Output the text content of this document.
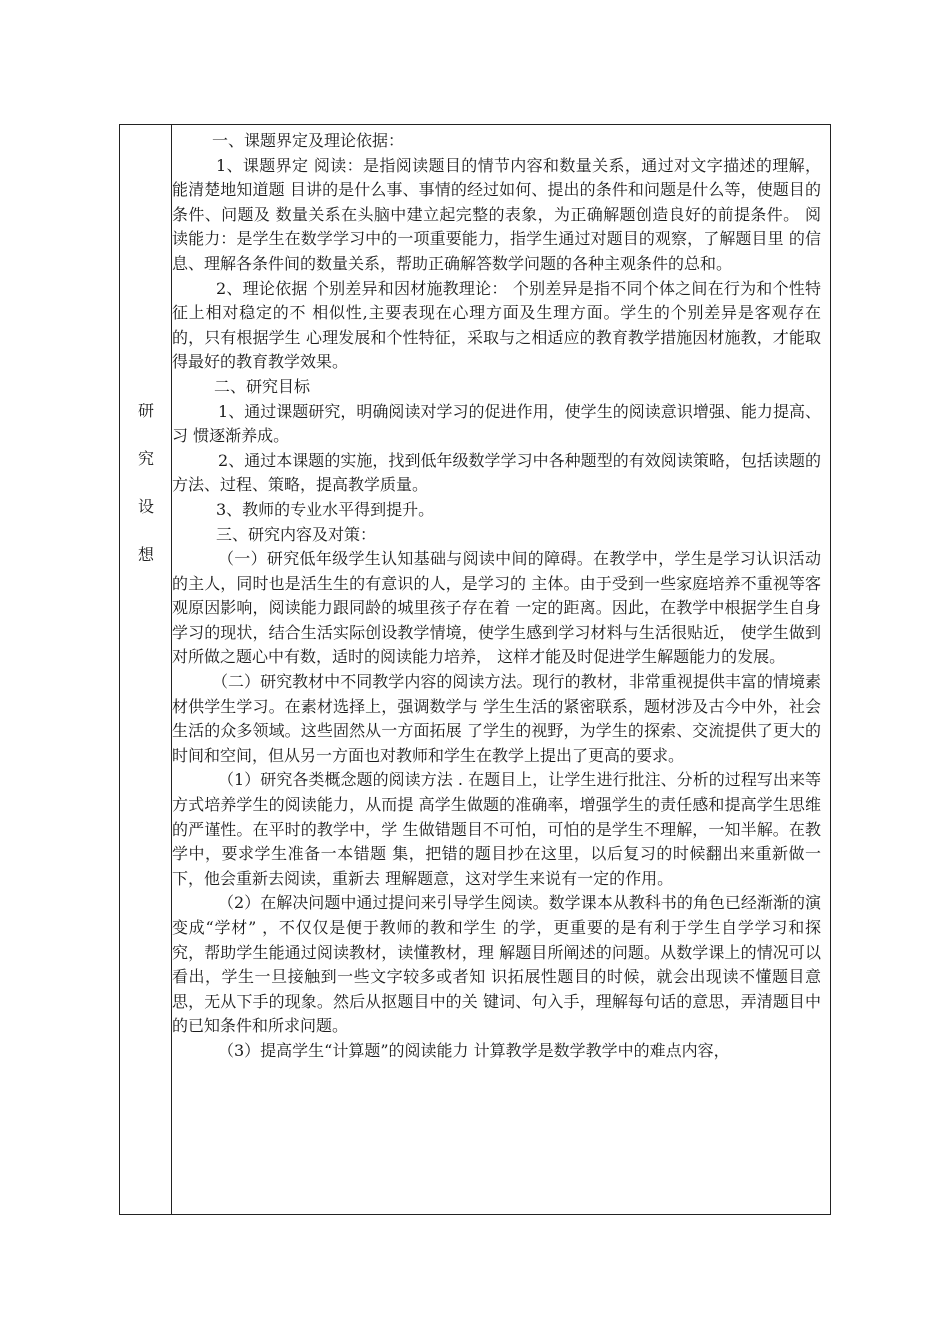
研
究
设
想

一、课题界定及理论依据：

1、课题界定 阅读：是指阅读题目的情节内容和数量关系，通过对文字描述的理解，能清楚地知道题 目讲的是什么事、事情的经过如何、提出的条件和问题是什么等，使题目的条件、问题及 数量关系在头脑中建立起完整的表象，为正确解题创造良好的前提条件。 阅读能力：是学生在数学学习中的一项重要能力，指学生通过对题目的观察，了解题目里 的信息、理解各条件间的数量关系，帮助正确解答数学问题的各种主观条件的总和。

2、理论依据 个别差异和因材施教理论： 个别差异是指不同个体之间在行为和个性特征上相对稳定的不 相似性,主要表现在心理方面及生理方面。学生的个别差异是客观存在的，只有根据学生 心理发展和个性特征，采取与之相适应的教育教学措施因材施教，才能取得最好的教育教学效果。

二、研究目标

1、通过课题研究，明确阅读对学习的促进作用，使学生的阅读意识增强、能力提高、习 惯逐渐养成。

2、通过本课题的实施，找到低年级数学学习中各种题型的有效阅读策略，包括读题的方法、过程、策略，提高教学质量。

3、教师的专业水平得到提升。

三、研究内容及对策：

（一）研究低年级学生认知基础与阅读中间的障碍。在教学中，学生是学习认识活动的主人，同时也是活生生的有意识的人，是学习的 主体。由于受到一些家庭培养不重视等客观原因影响，阅读能力跟同龄的城里孩子存在着 一定的距离。因此，在教学中根据学生自身学习的现状，结合生活实际创设教学情境，使学生感到学习材料与生活很贴近， 使学生做到对所做之题心中有数，适时的阅读能力培养， 这样才能及时促进学生解题能力的发展。

（二）研究教材中不同教学内容的阅读方法。现行的教材，非常重视提供丰富的情境素材供学生学习。在素材选择上，强调数学与 学生生活的紧密联系，题材涉及古今中外，社会生活的众多领域。这些固然从一方面拓展 了学生的视野，为学生的探索、交流提供了更大的时间和空间，但从另一方面也对教师和学生在教学上提出了更高的要求。

（1）研究各类概念题的阅读方法 . 在题目上，让学生进行批注、分析的过程写出来等方式培养学生的阅读能力，从而提 高学生做题的准确率，增强学生的责任感和提高学生思维的严谨性。在平时的教学中，学 生做错题目不可怕，可怕的是学生不理解，一知半解。在教学中，要求学生准备一本错题 集，把错的题目抄在这里，以后复习的时候翻出来重新做一下，他会重新去阅读，重新去 理解题意，这对学生来说有一定的作用。

（2）在解决问题中通过提问来引导学生阅读。数学课本从教科书的角色已经渐渐的演变成“学材” ，不仅仅是便于教师的教和学生 的学，更重要的是有利于学生自学学习和探究，帮助学生能通过阅读教材，读懂教材，理 解题目所阐述的问题。从数学课上的情况可以看出，学生一旦接触到一些文字较多或者知 识拓展性题目的时候，就会出现读不懂题目意思，无从下手的现象。然后从抠题目中的关 键词、句入手，理解每句话的意思，弄清题目中的已知条件和所求问题。

（3）提高学生“计算题”的阅读能力 计算教学是数学教学中的难点内容，
